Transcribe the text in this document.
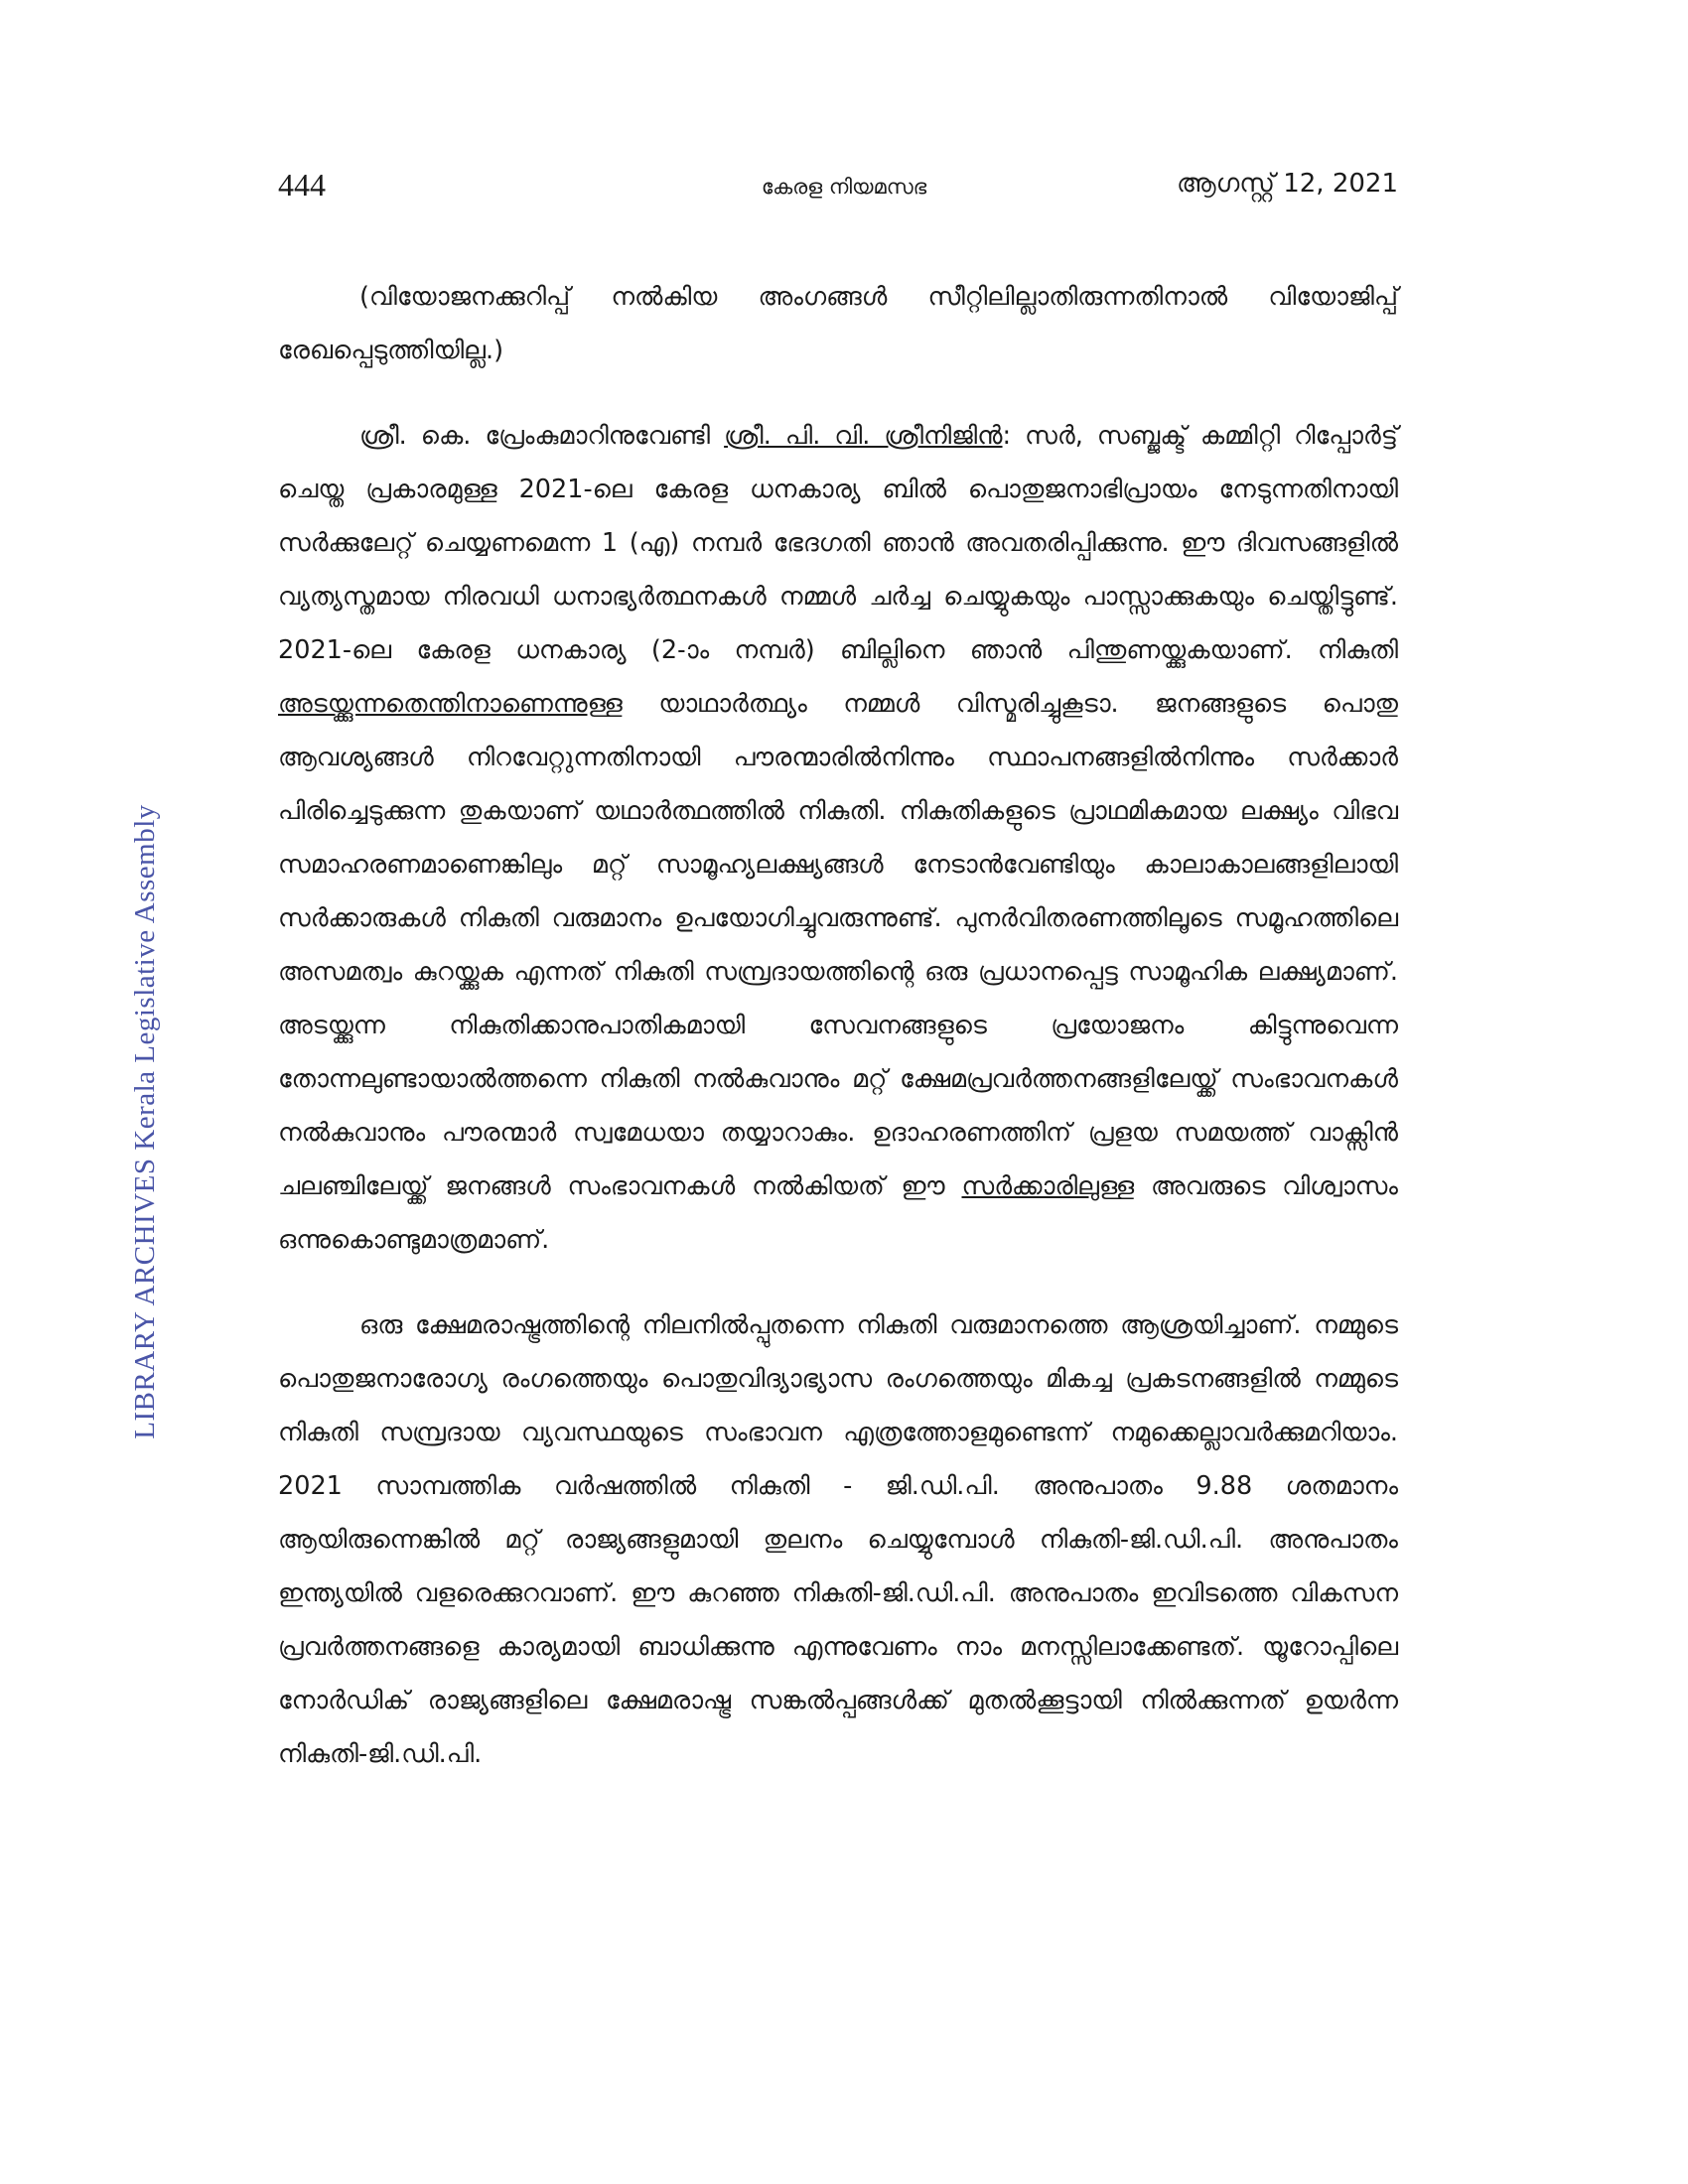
444	കേരള നിയമസഭ	ആഗസ്റ്റ് 12, 2021
LIBRARY ARCHIVES Kerala Legislative Assembly

(വിയോജനക്കുറിപ്പ് നൽകിയ അംഗങ്ങൾ സീറ്റിലില്ലാതിരുന്നതിനാൽ വിയോജിപ്പ് രേഖപ്പെടുത്തിയില്ല.)

ശ്രീ. കെ. പ്രേംകുമാറിനുവേണ്ടി ശ്രീ. പി. വി. ശ്രീനിജിൻ: സർ, സബ്ജക്ട് കമ്മിറ്റി റിപ്പോർട്ട് ചെയ്ത പ്രകാരമുള്ള 2021-ലെ കേരള ധനകാര്യ ബിൽ പൊതുജനാഭിപ്രായം നേടുന്നതിനായി സർക്കുലേറ്റ് ചെയ്യണമെന്ന 1 (എ) നമ്പർ ഭേദഗതി ഞാൻ അവതരിപ്പിക്കുന്നു. ഈ ദിവസങ്ങളിൽ വ്യത്യസ്തമായ നിരവധി ധനാഭ്യർത്ഥനകൾ നമ്മൾ ചർച്ച ചെയ്യുകയും പാസ്സാക്കുകയും ചെയ്തിട്ടുണ്ട്. 2021-ലെ കേരള ധനകാര്യ (2-ാം നമ്പർ) ബില്ലിനെ ഞാൻ പിന്തുണയ്ക്കുകയാണ്. നികുതി അടയ്ക്കുന്നതെന്തിനാണെന്നുള്ള യാഥാർത്ഥ്യം നമ്മൾ വിസ്മരിച്ചുകൂടാ. ജനങ്ങളുടെ പൊതു ആവശ്യങ്ങൾ നിറവേറ്റുന്നതിനായി പൗരന്മാരിൽനിന്നും സ്ഥാപനങ്ങളിൽനിന്നും സർക്കാർ പിരിച്ചെടുക്കുന്ന തുകയാണ് യഥാർത്ഥത്തിൽ നികുതി. നികുതികളുടെ പ്രാഥമികമായ ലക്ഷ്യം വിഭവ സമാഹരണമാണെങ്കിലും മറ്റ് സാമൂഹ്യലക്ഷ്യങ്ങൾ നേടാൻവേണ്ടിയും കാലാകാലങ്ങളിലായി സർക്കാരുകൾ നികുതി വരുമാനം ഉപയോഗിച്ചുവരുന്നുണ്ട്. പുനർവിതരണത്തിലൂടെ സമൂഹത്തിലെ അസമത്വം കുറയ്ക്കുക എന്നത് നികുതി സമ്പ്രദായത്തിന്റെ ഒരു പ്രധാനപ്പെട്ട സാമൂഹിക ലക്ഷ്യമാണ്. അടയ്ക്കുന്ന നികുതിക്കാനുപാതികമായി സേവനങ്ങളുടെ പ്രയോജനം കിട്ടുന്നുവെന്ന തോന്നലുണ്ടായാൽത്തന്നെ നികുതി നൽകുവാനും മറ്റ് ക്ഷേമപ്രവർത്തനങ്ങളിലേയ്ക്ക് സംഭാവനകൾ നൽകുവാനും പൗരന്മാർ സ്വമേധയാ തയ്യാറാകും. ഉദാഹരണത്തിന് പ്രളയ സമയത്ത് വാക്സിൻ ചലഞ്ചിലേയ്ക്ക് ജനങ്ങൾ സംഭാവനകൾ നൽകിയത് ഈ സർക്കാരിലുള്ള അവരുടെ വിശ്വാസം ഒന്നുകൊണ്ടുമാത്രമാണ്.

ഒരു ക്ഷേമരാഷ്ട്രത്തിന്റെ നിലനിൽപ്പുതന്നെ നികുതി വരുമാനത്തെ ആശ്രയിച്ചാണ്. നമ്മുടെ പൊതുജനാരോഗ്യ രംഗത്തെയും പൊതുവിദ്യാഭ്യാസ രംഗത്തെയും മികച്ച പ്രകടനങ്ങളിൽ നമ്മുടെ നികുതി സമ്പ്രദായ വ്യവസ്ഥയുടെ സംഭാവന എത്രത്തോളമുണ്ടെന്ന് നമുക്കെല്ലാവർക്കുമറിയാം. 2021 സാമ്പത്തിക വർഷത്തിൽ നികുതി - ജി.ഡി.പി. അനുപാതം 9.88 ശതമാനം ആയിരുന്നെങ്കിൽ മറ്റ് രാജ്യങ്ങളുമായി തുലനം ചെയ്യുമ്പോൾ നികുതി-ജി.ഡി.പി. അനുപാതം ഇന്ത്യയിൽ വളരെക്കുറവാണ്. ഈ കുറഞ്ഞ നികുതി-ജി.ഡി.പി. അനുപാതം ഇവിടത്തെ വികസന പ്രവർത്തനങ്ങളെ കാര്യമായി ബാധിക്കുന്നു എന്നുവേണം നാം മനസ്സിലാക്കേണ്ടത്. യൂറോപ്പിലെ നോർഡിക് രാജ്യങ്ങളിലെ ക്ഷേമരാഷ്ട്ര സങ്കൽപ്പങ്ങൾക്ക് മുതൽക്കൂട്ടായി നിൽക്കുന്നത് ഉയർന്ന നികുതി-ജി.ഡി.പി.
